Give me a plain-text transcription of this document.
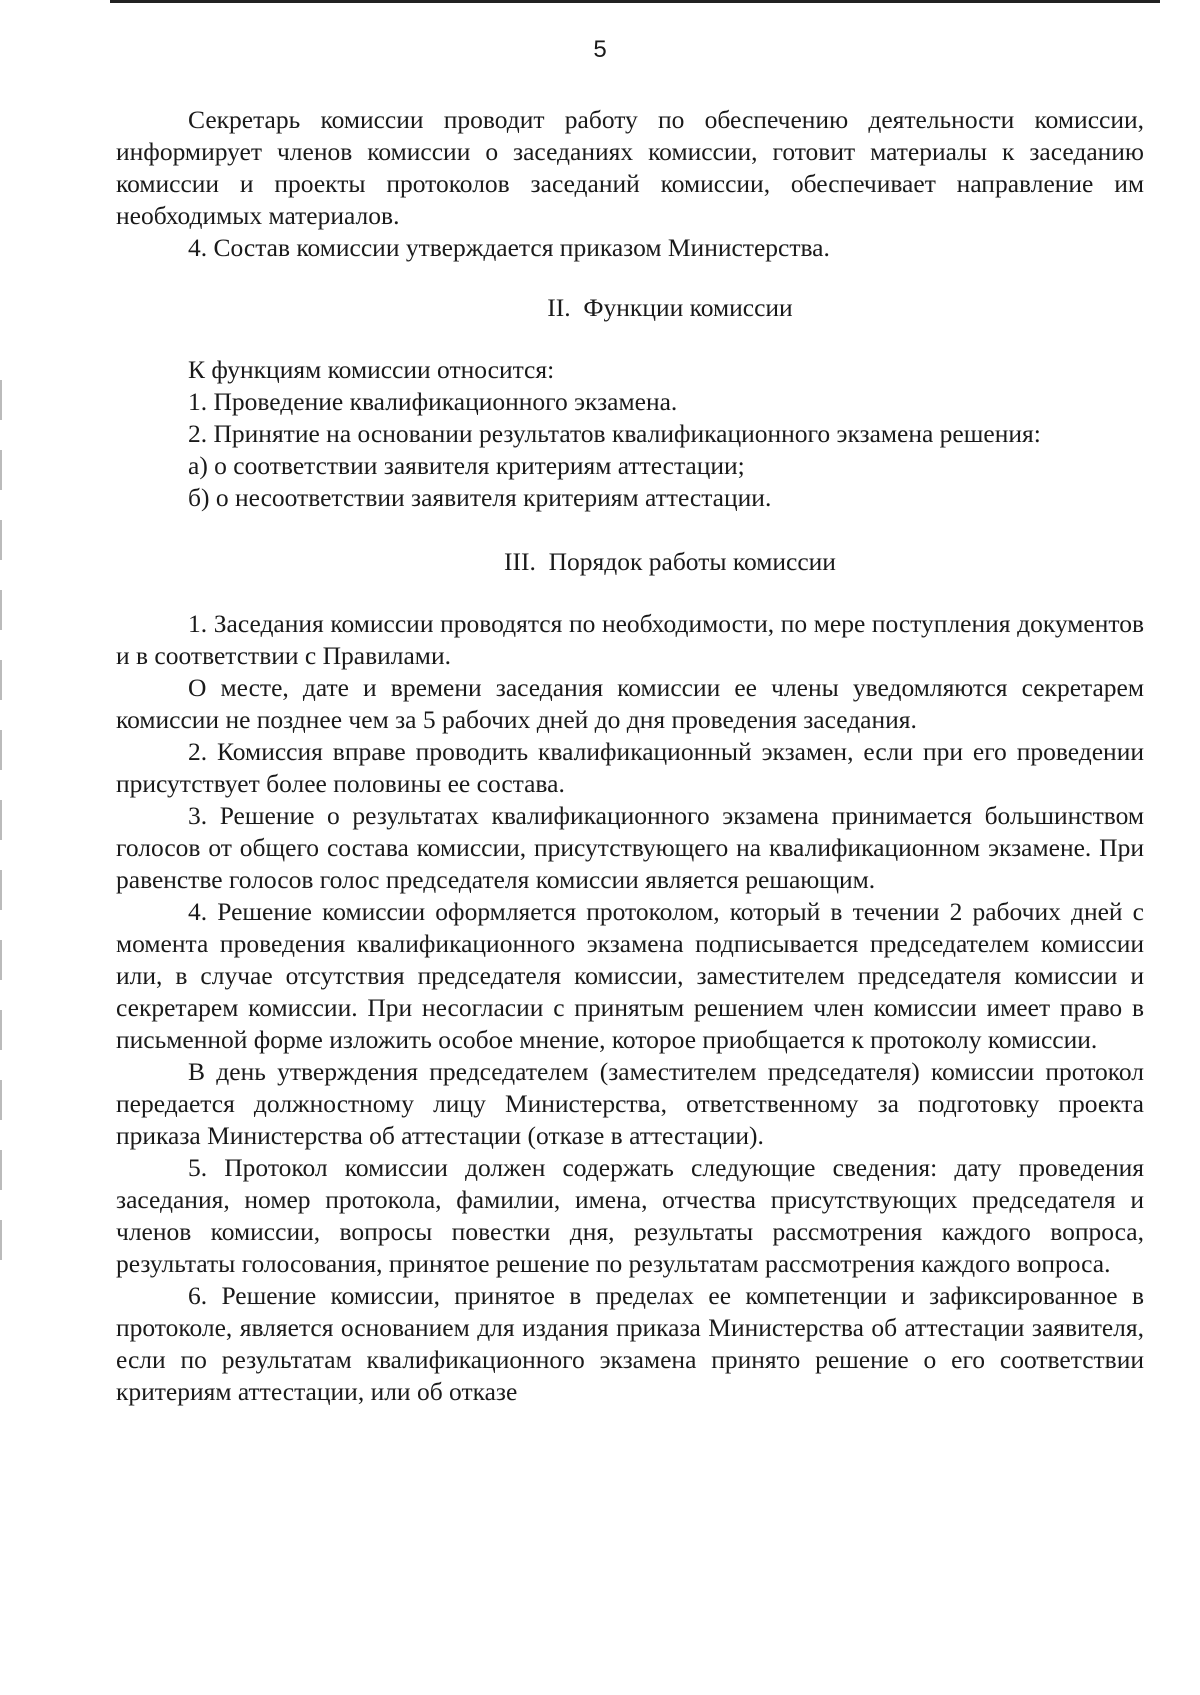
5

Секретарь комиссии проводит работу по обеспечению деятельности комиссии, информирует членов комиссии о заседаниях комиссии, готовит материалы к заседанию комиссии и проекты протоколов заседаний комиссии, обеспечивает направление им необходимых материалов.

4. Состав комиссии утверждается приказом Министерства.

II.  Функции комиссии

К функциям комиссии относится:

1. Проведение квалификационного экзамена.

2. Принятие на основании результатов квалификационного экзамена решения:

а) о соответствии заявителя критериям аттестации;

б) о несоответствии заявителя критериям аттестации.

III.  Порядок работы комиссии

1. Заседания комиссии проводятся по необходимости, по мере поступления документов и в соответствии с Правилами.

О месте, дате и времени заседания комиссии ее члены уведомляются секретарем комиссии не позднее чем за 5 рабочих дней до дня проведения заседания.

2. Комиссия вправе проводить квалификационный экзамен, если при его проведении присутствует более половины ее состава.

3. Решение о результатах квалификационного экзамена принимается большинством голосов от общего состава комиссии, присутствующего на квалификационном экзамене. При равенстве голосов голос председателя комиссии является решающим.

4. Решение комиссии оформляется протоколом, который в течении 2 рабочих дней с момента проведения квалификационного экзамена подписывается председателем комиссии или, в случае отсутствия председателя комиссии, заместителем председателя комиссии и секретарем комиссии. При несогласии с принятым решением член комиссии имеет право в письменной форме изложить особое мнение, которое приобщается к протоколу комиссии.

В день утверждения председателем (заместителем председателя) комиссии протокол передается должностному лицу Министерства, ответственному за подготовку проекта приказа Министерства об аттестации (отказе в аттестации).

5. Протокол комиссии должен содержать следующие сведения: дату проведения заседания, номер протокола, фамилии, имена, отчества присутствующих председателя и членов комиссии, вопросы повестки дня, результаты рассмотрения каждого вопроса, результаты голосования, принятое решение по результатам рассмотрения каждого вопроса.

6. Решение комиссии, принятое в пределах ее компетенции и зафиксированное в протоколе, является основанием для издания приказа Министерства об аттестации заявителя, если по результатам квалификационного экзамена принято решение о его соответствии критериям аттестации, или об отказе
